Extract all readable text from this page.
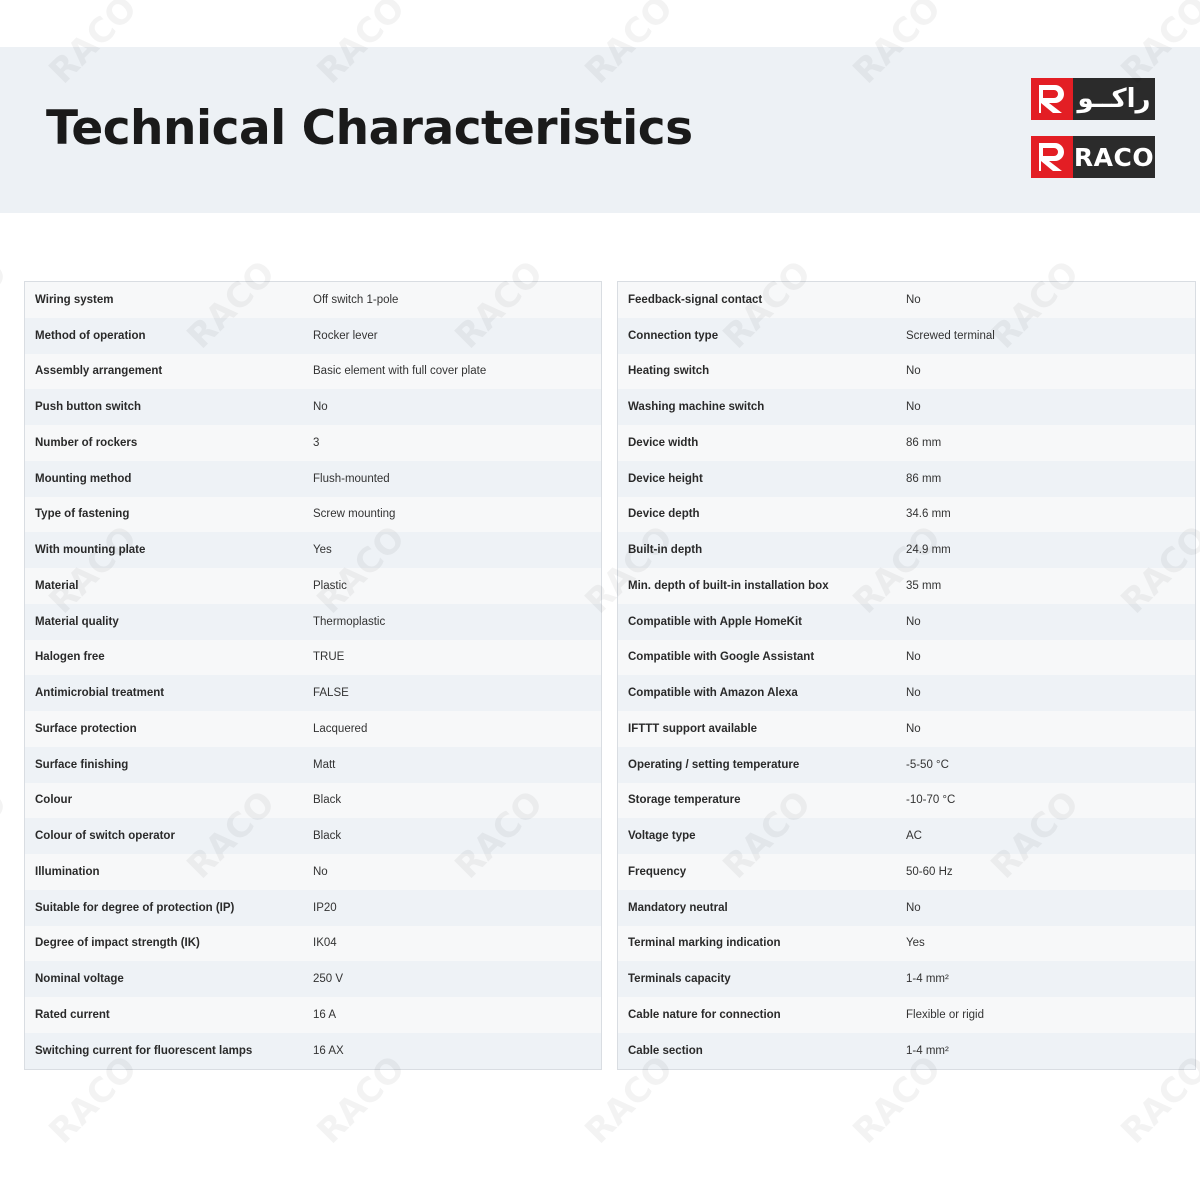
Technical Characteristics
راكــو
RACO
Wiring system	Off switch 1-pole
Method of operation	Rocker lever
Assembly arrangement	Basic element with full cover plate
Push button switch	No
Number of rockers	3
Mounting method	Flush-mounted
Type of fastening	Screw mounting
With mounting plate	Yes
Material	Plastic
Material quality	Thermoplastic
Halogen free	TRUE
Antimicrobial treatment	FALSE
Surface protection	Lacquered
Surface finishing	Matt
Colour	Black
Colour of switch operator	Black
Illumination	No
Suitable for degree of protection (IP)	IP20
Degree of impact strength (IK)	IK04
Nominal voltage	250 V
Rated current	16 A
Switching current for fluorescent lamps	16 AX
Feedback-signal contact	No
Connection type	Screwed terminal
Heating switch	No
Washing machine switch	No
Device width	86 mm
Device height	86 mm
Device depth	34.6 mm
Built-in depth	24.9 mm
Min. depth of built-in installation box	35 mm
Compatible with Apple HomeKit	No
Compatible with Google Assistant	No
Compatible with Amazon Alexa	No
IFTTT support available	No
Operating / setting temperature	-5-50 °C
Storage temperature	-10-70 °C
Voltage type	AC
Frequency	50-60 Hz
Mandatory neutral	No
Terminal marking indication	Yes
Terminals capacity	1-4 mm²
Cable nature for connection	Flexible or rigid
Cable section	1-4 mm²
